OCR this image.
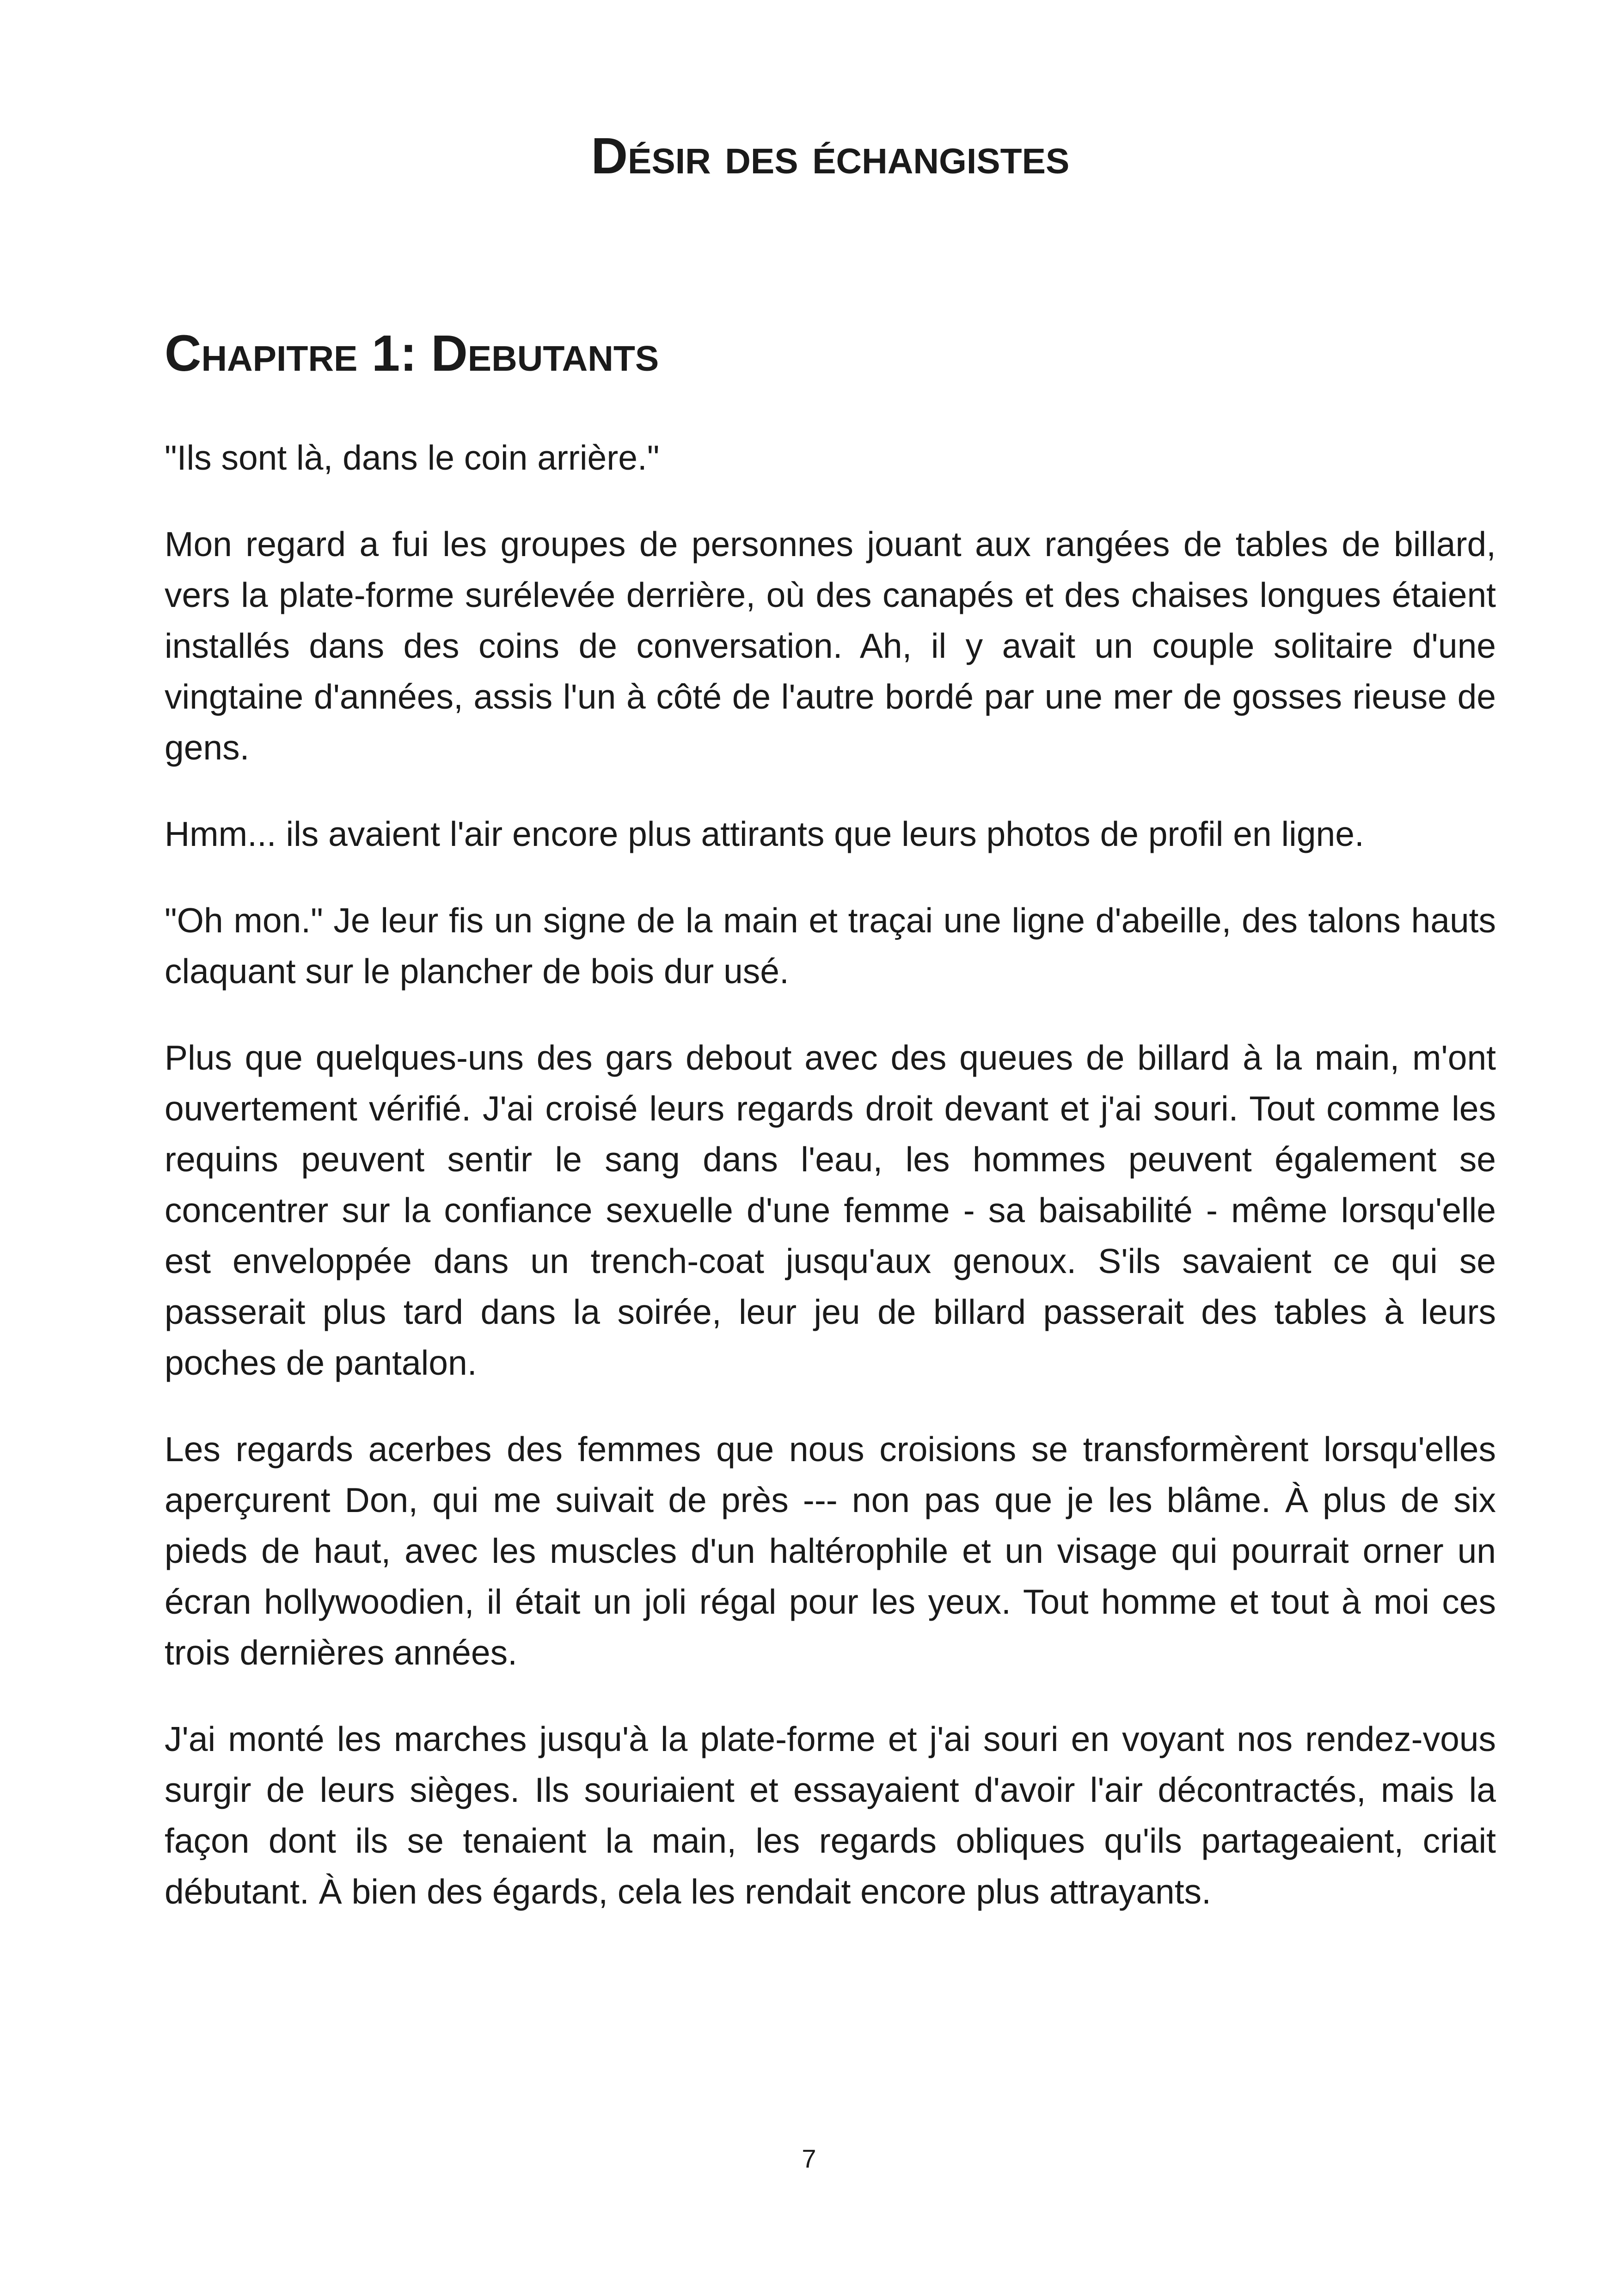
Désir des échangistes
Chapitre 1: Debutants

"Ils sont là, dans le coin arrière."

Mon regard a fui les groupes de personnes jouant aux rangées de tables de billard, vers la plate-forme surélevée derrière, où des canapés et des chaises longues étaient installés dans des coins de conversation. Ah, il y avait un couple solitaire d'une vingtaine d'années, assis l'un à côté de l'autre bordé par une mer de gosses rieuse de gens.

Hmm... ils avaient l'air encore plus attirants que leurs photos de profil en ligne.

"Oh mon." Je leur fis un signe de la main et traçai une ligne d'abeille, des talons hauts claquant sur le plancher de bois dur usé.

Plus que quelques-uns des gars debout avec des queues de billard à la main, m'ont ouvertement vérifié. J'ai croisé leurs regards droit devant et j'ai souri. Tout comme les requins peuvent sentir le sang dans l'eau, les hommes peuvent également se concentrer sur la confiance sexuelle d'une femme - sa baisabilité - même lorsqu'elle est enveloppée dans un trench-coat jusqu'aux genoux. S'ils savaient ce qui se passerait plus tard dans la soirée, leur jeu de billard passerait des tables à leurs poches de pantalon.

Les regards acerbes des femmes que nous croisions se transformèrent lorsqu'elles aperçurent Don, qui me suivait de près --- non pas que je les blâme. À plus de six pieds de haut, avec les muscles d'un haltérophile et un visage qui pourrait orner un écran hollywoodien, il était un joli régal pour les yeux. Tout homme et tout à moi ces trois dernières années.

J'ai monté les marches jusqu'à la plate-forme et j'ai souri en voyant nos rendez-vous surgir de leurs sièges. Ils souriaient et essayaient d'avoir l'air décontractés, mais la façon dont ils se tenaient la main, les regards obliques qu'ils partageaient, criait débutant. À bien des égards, cela les rendait encore plus attrayants.

7
